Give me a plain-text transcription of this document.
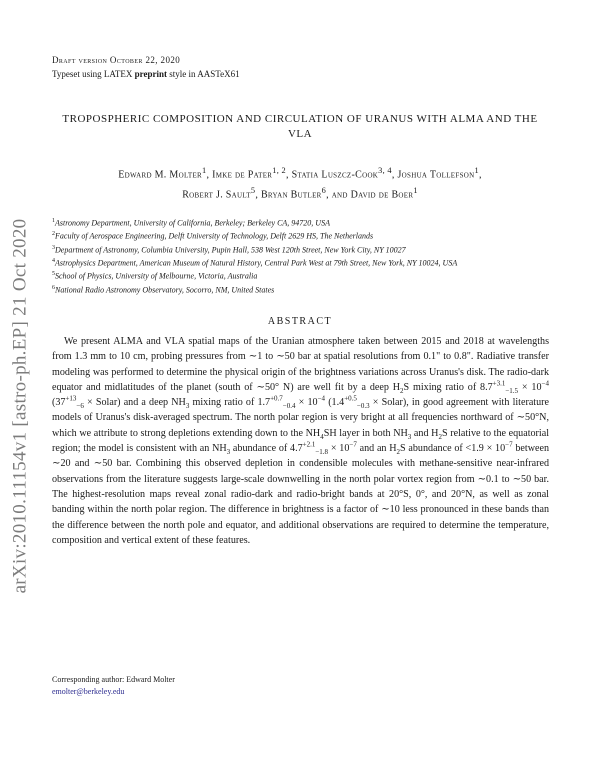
arXiv:2010.11154v1 [astro-ph.EP] 21 Oct 2020
Draft version October 22, 2020
Typeset using LATEX preprint style in AASTeX61
TROPOSPHERIC COMPOSITION AND CIRCULATION OF URANUS WITH ALMA AND THE VLA
Edward M. Molter$^1$, Imke de Pater$^{1, 2}$, Statia Luszcz-Cook$^{3, 4}$, Joshua Tollefson$^1$,
Robert J. Sault$^5$, Bryan Butler$^6$, and David de Boer$^1$
$^1$Astronomy Department, University of California, Berkeley; Berkeley CA, 94720, USA
$^2$Faculty of Aerospace Engineering, Delft University of Technology, Delft 2629 HS, The Netherlands
$^3$Department of Astronomy, Columbia University, Pupin Hall, 538 West 120th Street, New York City, NY 10027
$^4$Astrophysics Department, American Museum of Natural History, Central Park West at 79th Street, New York, NY 10024, USA
$^5$School of Physics, University of Melbourne, Victoria, Australia
$^6$National Radio Astronomy Observatory, Socorro, NM, United States
ABSTRACT

We present ALMA and VLA spatial maps of the Uranian atmosphere taken between 2015 and 2018 at wavelengths from 1.3 mm to 10 cm, probing pressures from ∼1 to ∼50 bar at spatial resolutions from 0.1" to 0.8". Radiative transfer modeling was performed to determine the physical origin of the brightness variations across Uranus's disk. The radio-dark equator and midlatitudes of the planet (south of ∼50° N) are well fit by a deep $H_2S$ mixing ratio of $8.7^{+3.1}_{-1.5} \times 10^{-4}$ ($37^{+13}_{-6}$ × Solar) and a deep $NH_3$ mixing ratio of $1.7^{+0.7}_{-0.4} \times 10^{-4}$ ($1.4^{+0.5}_{-0.3}$ × Solar), in good agreement with literature models of Uranus's disk-averaged spectrum. The north polar region is very bright at all frequencies northward of ∼50°N, which we attribute to strong depletions extending down to the $NH_4SH$ layer in both $NH_3$ and $H_2S$ relative to the equatorial region; the model is consistent with an $NH_3$ abundance of $4.7^{+2.1}_{-1.8} \times 10^{-7}$ and an $H_2S$ abundance of $<1.9 \times 10^{-7}$ between ∼20 and ∼50 bar. Combining this observed depletion in condensible molecules with methane-sensitive near-infrared observations from the literature suggests large-scale downwelling in the north polar vortex region from ∼0.1 to ∼50 bar. The highest-resolution maps reveal zonal radio-dark and radio-bright bands at 20°S, 0°, and 20°N, as well as zonal banding within the north polar region. The difference in brightness is a factor of ∼10 less pronounced in these bands than the difference between the north pole and equator, and additional observations are required to determine the temperature, composition and vertical extent of these features.

Corresponding author: Edward Molter
emolter@berkeley.edu
